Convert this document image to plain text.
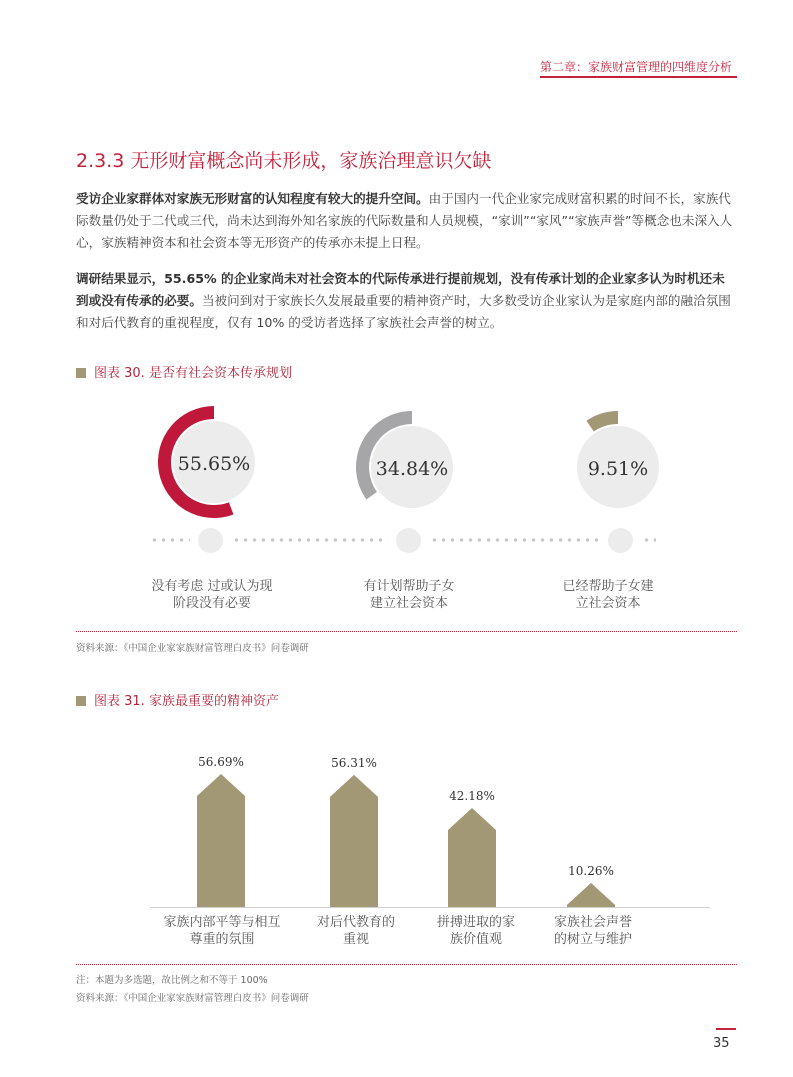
第二章：家族财富管理的四维度分析
2.3.3 无形财富概念尚未形成，家族治理意识欠缺
受访企业家群体对家族无形财富的认知程度有较大的提升空间。由于国内一代企业家完成财富积累的时间不长，家族代际数量仍处于二代或三代，尚未达到海外知名家族的代际数量和人员规模，“家训”“家风”“家族声誉”等概念也未深入人心，家族精神资本和社会资本等无形资产的传承亦未提上日程。
调研结果显示，55.65% 的企业家尚未对社会资本的代际传承进行提前规划，没有传承计划的企业家多认为时机还未到或没有传承的必要。当被问到对于家族长久发展最重要的精神资产时，大多数受访企业家认为是家庭内部的融洽氛围和对后代教育的重视程度，仅有 10% 的受访者选择了家族社会声誉的树立。
图表 30. 是否有社会资本传承规划
55.65%	34.84%	9.51%
没有考虑 过或认为现
阶段没有必要
有计划帮助子女
建立社会资本
已经帮助子女建
立社会资本
资料来源：《中国企业家家族财富管理白皮书》问卷调研
图表 31. 家族最重要的精神资产
56.69%	56.31%
42.18%
10.26%
家族内部平等与相互
尊重的氛围
对后代教育的
重视
拼搏进取的家
族价值观
家族社会声誉
的树立与维护
注：本题为多选题，故比例之和不等于 100%
资料来源：《中国企业家家族财富管理白皮书》问卷调研
35
